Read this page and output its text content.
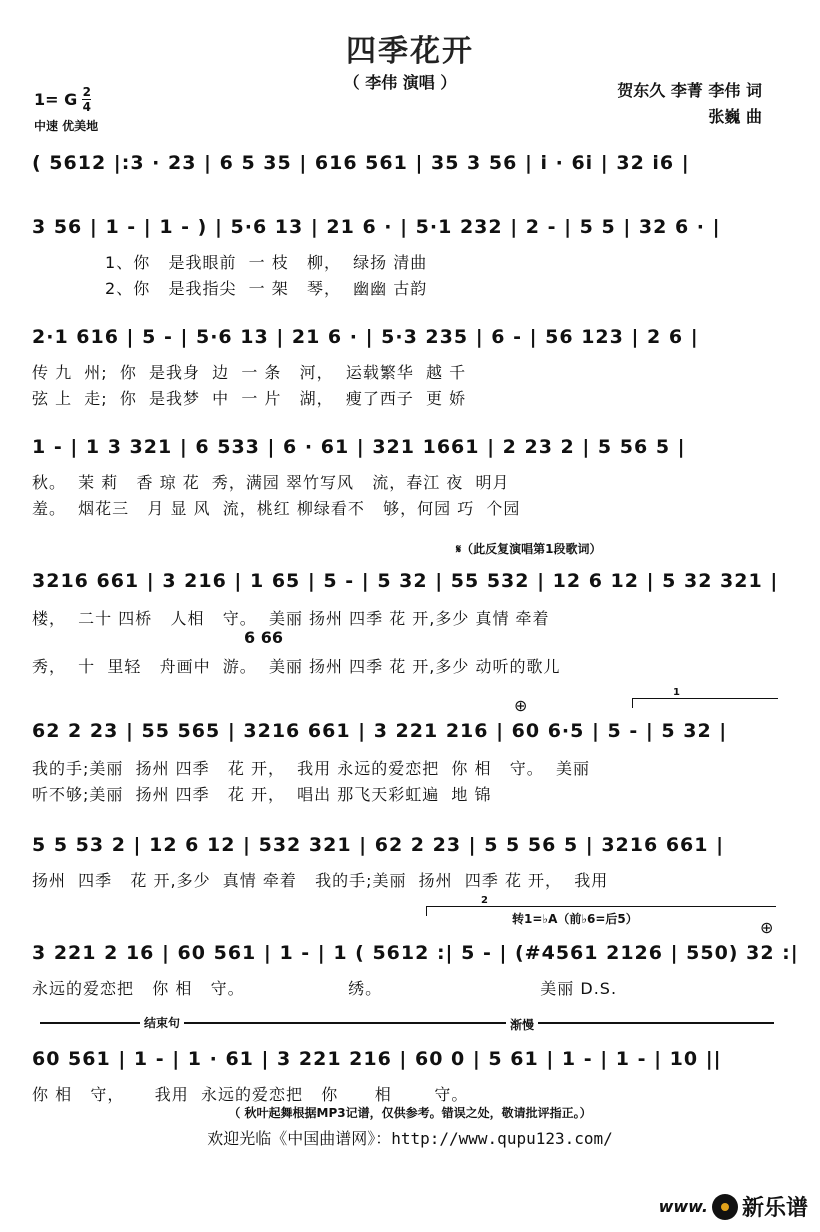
四季花开
（ 李伟 演唱 ）	贺东久 李菁 李伟 词
张巍 曲
1= G $\frac{2}{4}$
中速 优美地
( 5612 |:3 · 23 | 6 5 35 | 616 561 | 35 3 56 | i · 6i | 32 i6 |
3 56 | 1 - | 1 - ) | 5·6 13 | 21 6 · | 5·1 232 | 2 - | 5 5 | 32 6 · |
1、你   是我眼前  一 枝   柳，  绿扬 清曲
2、你   是我指尖  一 架   琴，  幽幽 古韵
2·1 616 | 5 - | 5·6 13 | 21 6 · | 5·3 235 | 6 - | 56 123 | 2 6 |
传 九  州;  你  是我身  边  一 条   河，  运载繁华  越 千
弦 上  走;  你  是我梦  中  一 片   湖，  瘦了西子  更 娇
1 - | 1 3 321 | 6 533 | 6 · 61 | 321 1661 | 2 23 2 | 5 56 5 |
秋。  茉 莉   香 琼 花  秀，满园 翠竹写风   流，春江 夜  明月
羞。  烟花三   月 显 风  流，桃红 柳绿看不   够，何园 巧  个园
𝄋（此反复演唱第1段歌词）
3216 661 | 3 216 | 1 65 | 5 - | 5 32 | 55 532 | 12 6 12 | 5 32 321 |
楼，  二十 四桥   人相   守。  美丽 扬州 四季 花 开,多少 真情 牵着
6 66
秀，  十  里轻   舟画中  游。  美丽 扬州 四季 花 开,多少 动听的歌儿
⊕
1
62 2 23 | 55 565 | 3216 661 | 3 221 216 | 60 6·5 | 5 - | 5 32 |
我的手;美丽  扬州 四季   花 开，  我用 永远的爱恋把  你 相   守。  美丽
听不够;美丽  扬州 四季   花 开，  唱出 那飞天彩虹遍  地 锦
5 5 53 2 | 12 6 12 | 532 321 | 62 2 23 | 5 5 56 5 | 3216 661 |
扬州  四季   花 开,多少  真情 牵着   我的手;美丽  扬州  四季 花 开，  我用
2
转1=♭A（前♭6=后5）	⊕
3 221 2 16 | 60 561 | 1 - | 1 ( 5612 :| 5 - | (#4561 2126 | 550) 32 :|
永远的爱恋把   你 相   守。                 绣。                          美丽 D.S.
结束句	渐慢
60 561 | 1 - | 1 · 61 | 3 221 216 | 60 0 | 5 61 | 1 - | 1 - | 10 ||
你 相   守，     我用  永远的爱恋把   你      相       守。
（ 秋叶起舞根据MP3记谱，仅供参考。错误之处，敬请批评指正。）
欢迎光临《中国曲谱网》：http://www.qupu123.com/
www. 新乐谱
